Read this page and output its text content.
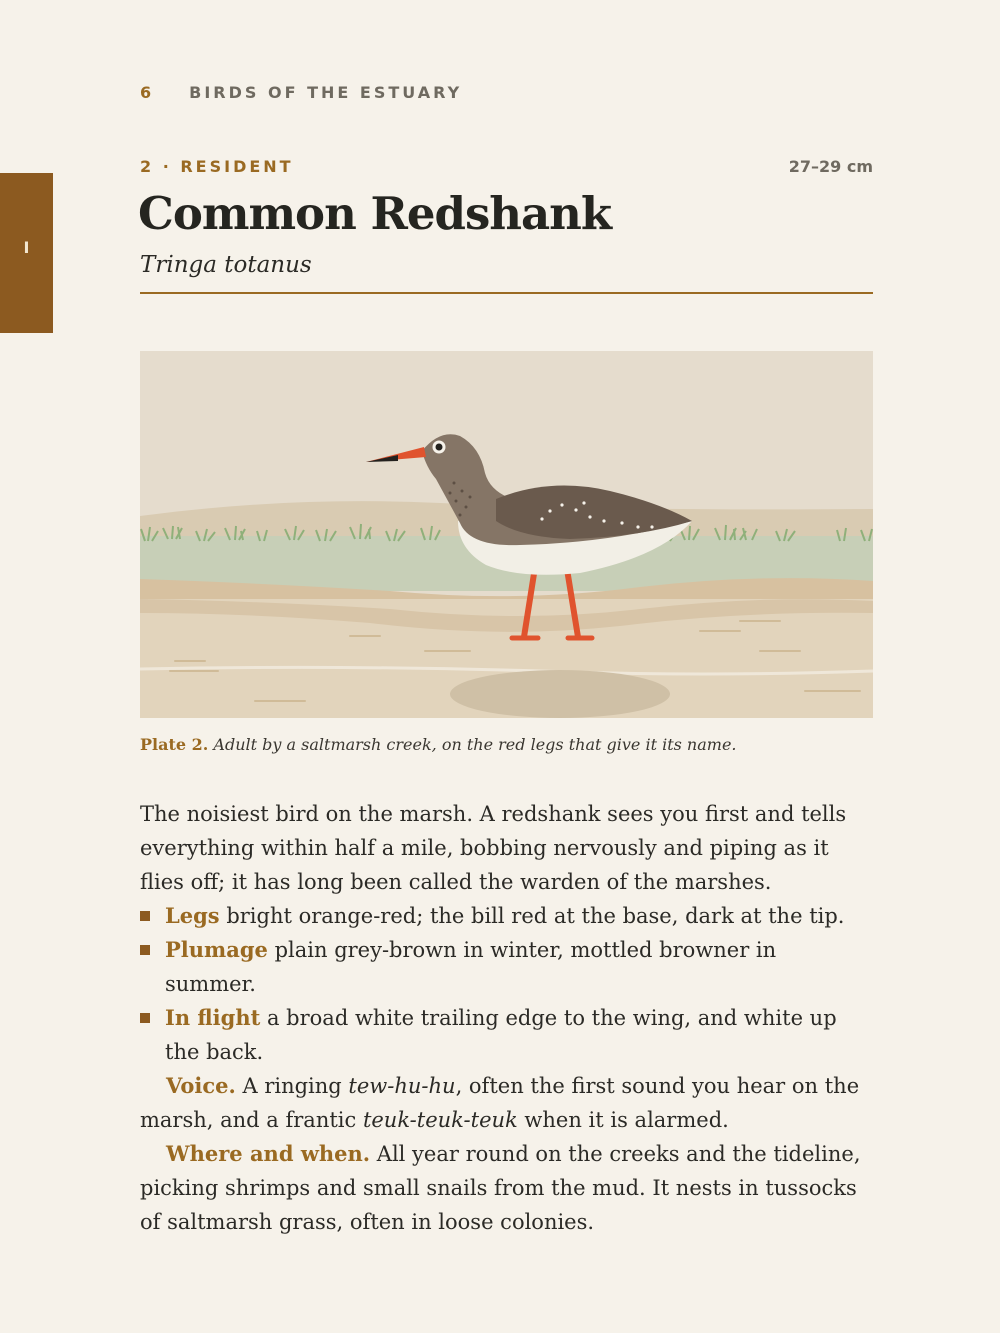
6 BIRDS OF THE ESTUARY
I
2 · RESIDENT	27–29 cm
Common Redshank
Tringa totanus
Plate 2. Adult by a saltmarsh creek, on the red legs that give it its name.

The noisiest bird on the marsh. A redshank sees you first and tells everything within half a mile, bobbing nervously and piping as it flies off; it has long been called the warden of the marshes.

Legs bright orange-red; the bill red at the base, dark at the tip.
Plumage plain grey-brown in winter, mottled browner in summer.
In flight a broad white trailing edge to the wing, and white up the back.

Voice. A ringing tew-hu-hu, often the first sound you hear on the marsh, and a frantic teuk-teuk-teuk when it is alarmed.

Where and when. All year round on the creeks and the tideline, picking shrimps and small snails from the mud. It nests in tussocks of saltmarsh grass, often in loose colonies.
